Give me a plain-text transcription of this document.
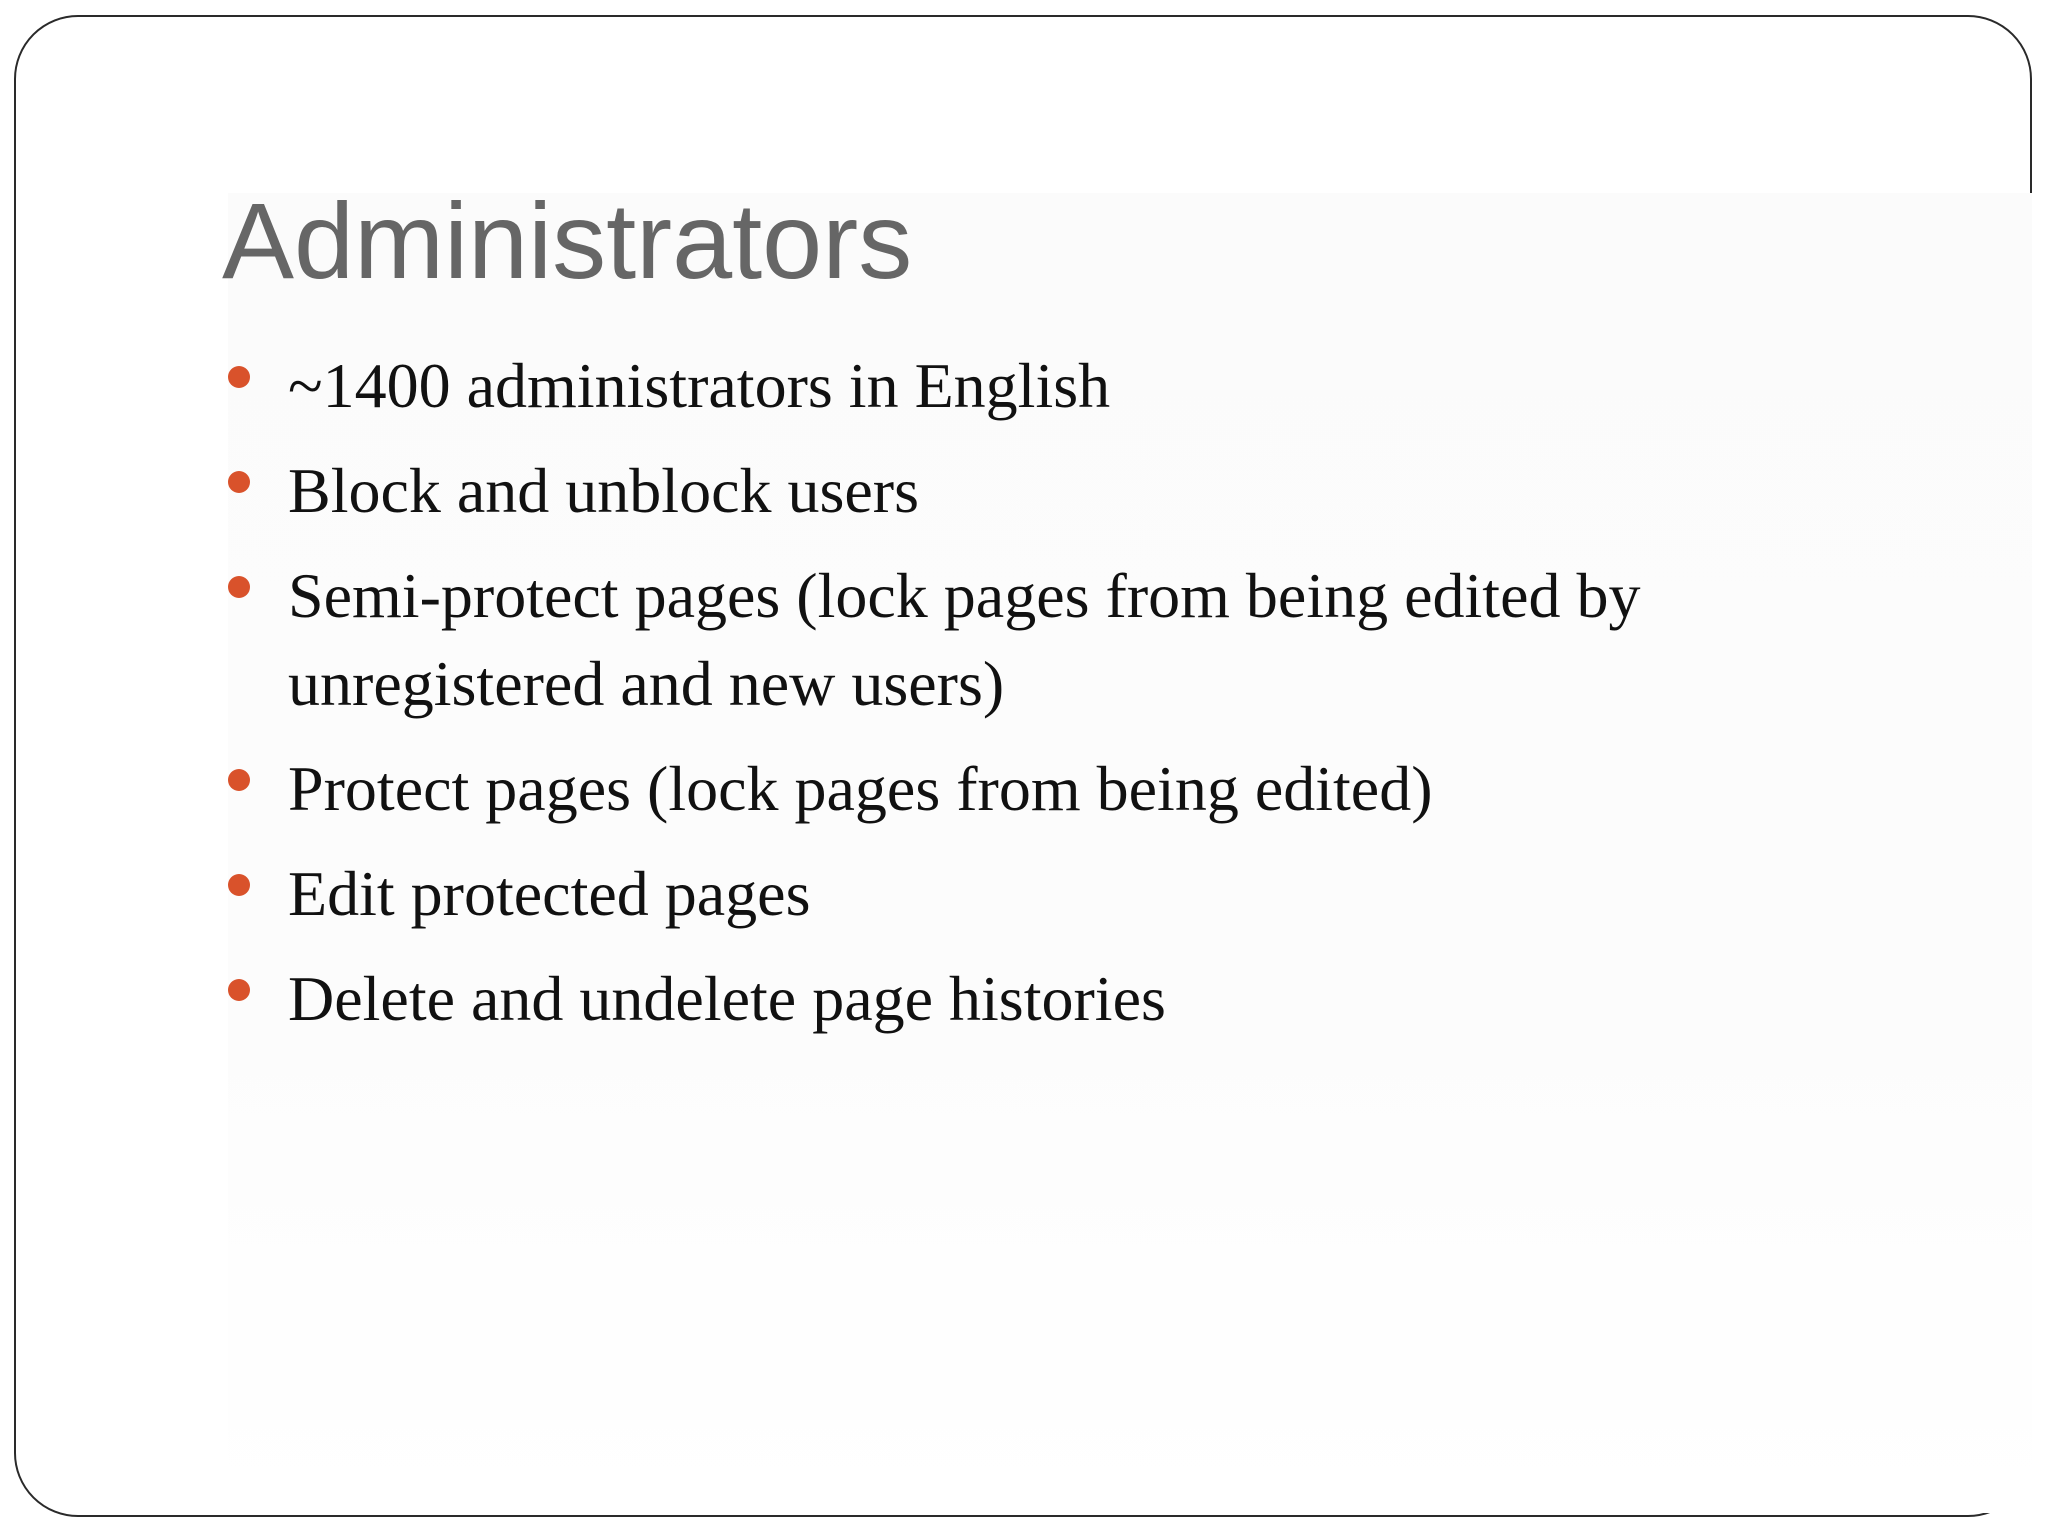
Administrators
~1400 administrators in English
Block and unblock users
Semi-protect pages (lock pages from being edited by unregistered and new users)
Protect pages (lock pages from being edited)
Edit protected pages
Delete and undelete page histories
